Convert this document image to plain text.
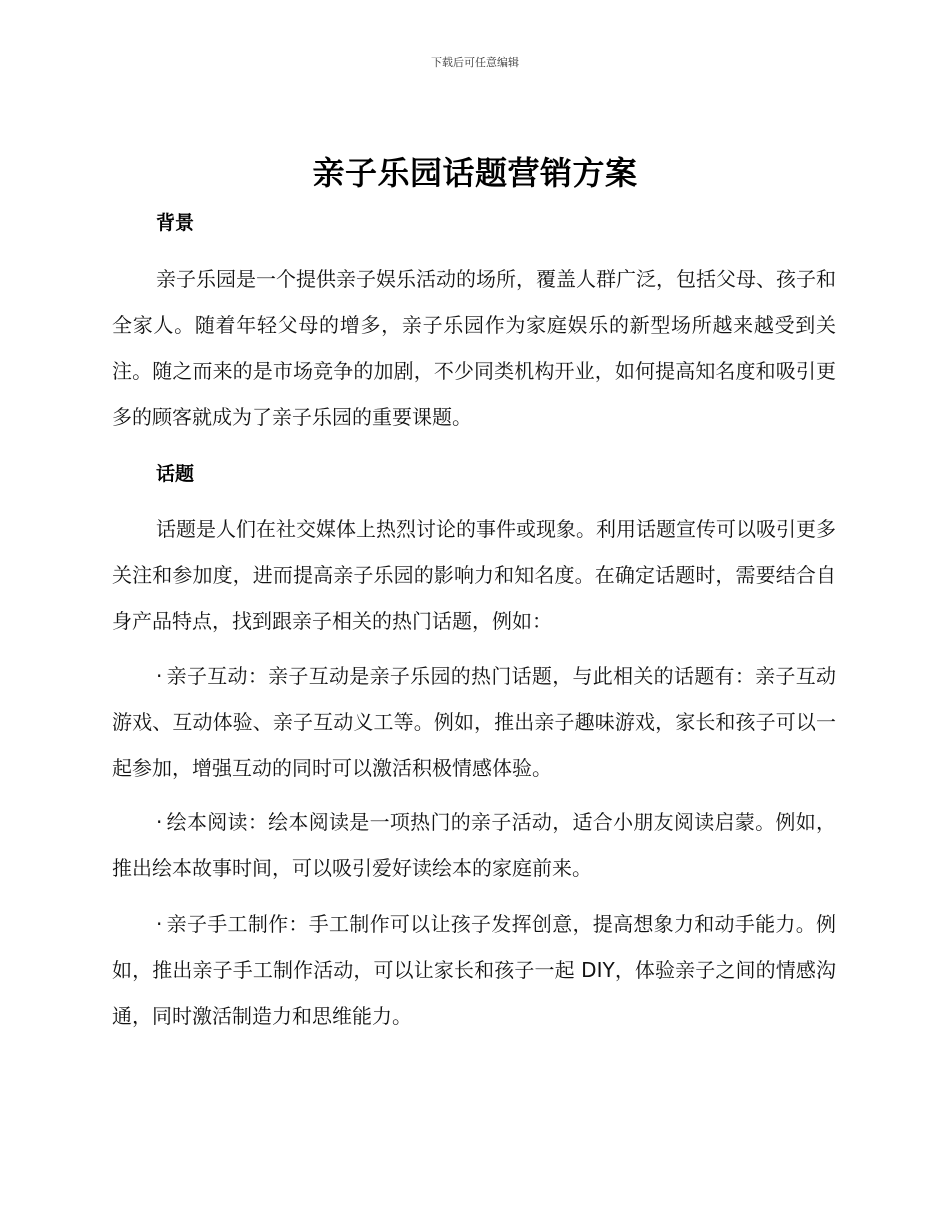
下载后可任意编辑
亲子乐园话题营销方案
背景

亲子乐园是一个提供亲子娱乐活动的场所，覆盖人群广泛，包括父母、孩子和全家人。随着年轻父母的增多，亲子乐园作为家庭娱乐的新型场所越来越受到关注。随之而来的是市场竞争的加剧，不少同类机构开业，如何提高知名度和吸引更多的顾客就成为了亲子乐园的重要课题。

话题

话题是人们在社交媒体上热烈讨论的事件或现象。利用话题宣传可以吸引更多关注和参加度，进而提高亲子乐园的影响力和知名度。在确定话题时，需要结合自身产品特点，找到跟亲子相关的热门话题，例如：

· 亲子互动：亲子互动是亲子乐园的热门话题，与此相关的话题有：亲子互动游戏、互动体验、亲子互动义工等。例如，推出亲子趣味游戏，家长和孩子可以一起参加，增强互动的同时可以激活积极情感体验。

· 绘本阅读：绘本阅读是一项热门的亲子活动，适合小朋友阅读启蒙。例如，推出绘本故事时间，可以吸引爱好读绘本的家庭前来。

· 亲子手工制作：手工制作可以让孩子发挥创意，提高想象力和动手能力。例如，推出亲子手工制作活动，可以让家长和孩子一起 DIY，体验亲子之间的情感沟通，同时激活制造力和思维能力。
